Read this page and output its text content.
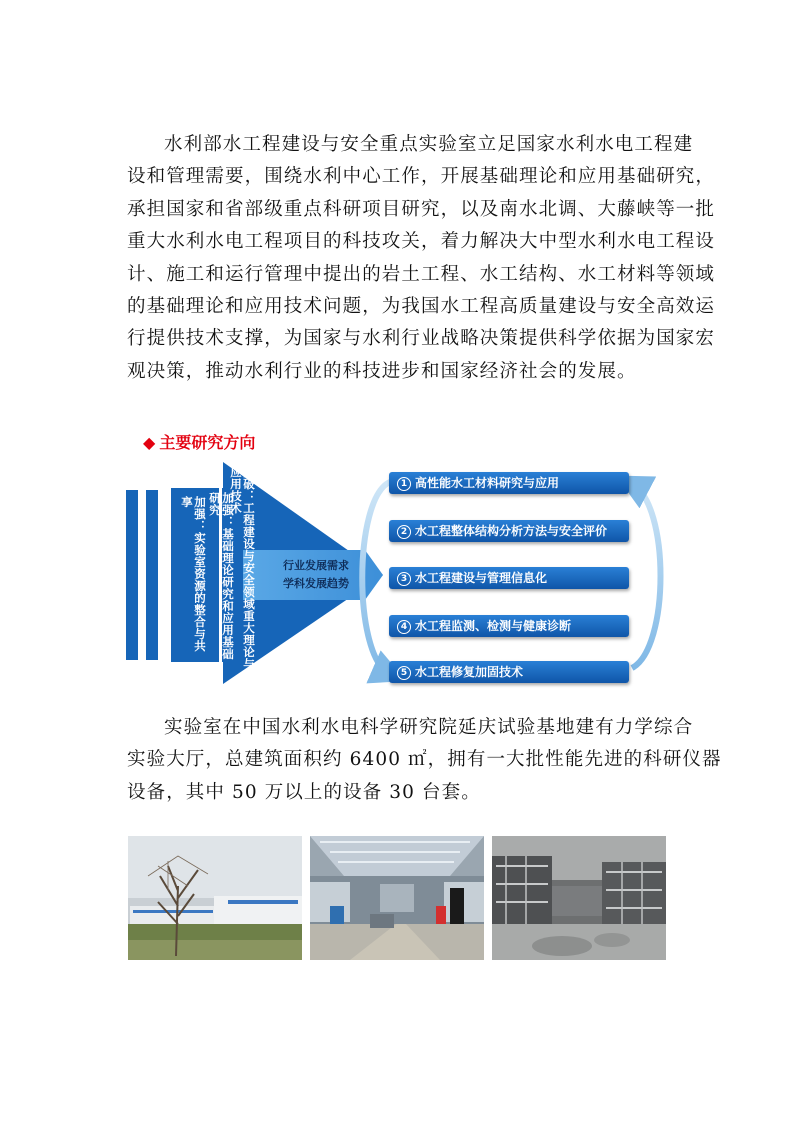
水利部水工程建设与安全重点实验室立足国家水利水电工程建
设和管理需要，围绕水利中心工作，开展基础理论和应用基础研究，
承担国家和省部级重点科研项目研究，以及南水北调、大藤峡等一批
重大水利水电工程项目的科技攻关，着力解决大中型水利水电工程设
计、施工和运行管理中提出的岩土工程、水工结构、水工材料等领域
的基础理论和应用技术问题，为我国水工程高质量建设与安全高效运
行提供技术支撑，为国家与水利行业战略决策提供科学依据为国家宏
观决策，推动水利行业的科技进步和国家经济社会的发展。
◆ 主要研究方向
突破：工程建设与安全领域重大理论与应用技术
加强：基础理论研究和应用基础研究
加强：实验室资源的整合与共享
行业发展需求
学科发展趋势
1 高性能水工材料研究与应用
2 水工程整体结构分析方法与安全评价
3 水工程建设与管理信息化
4 水工程监测、检测与健康诊断
5 水工程修复加固技术
实验室在中国水利水电科学研究院延庆试验基地建有力学综合
实验大厅，总建筑面积约 6400 ㎡，拥有一大批性能先进的科研仪器
设备，其中 50 万以上的设备 30 台套。
